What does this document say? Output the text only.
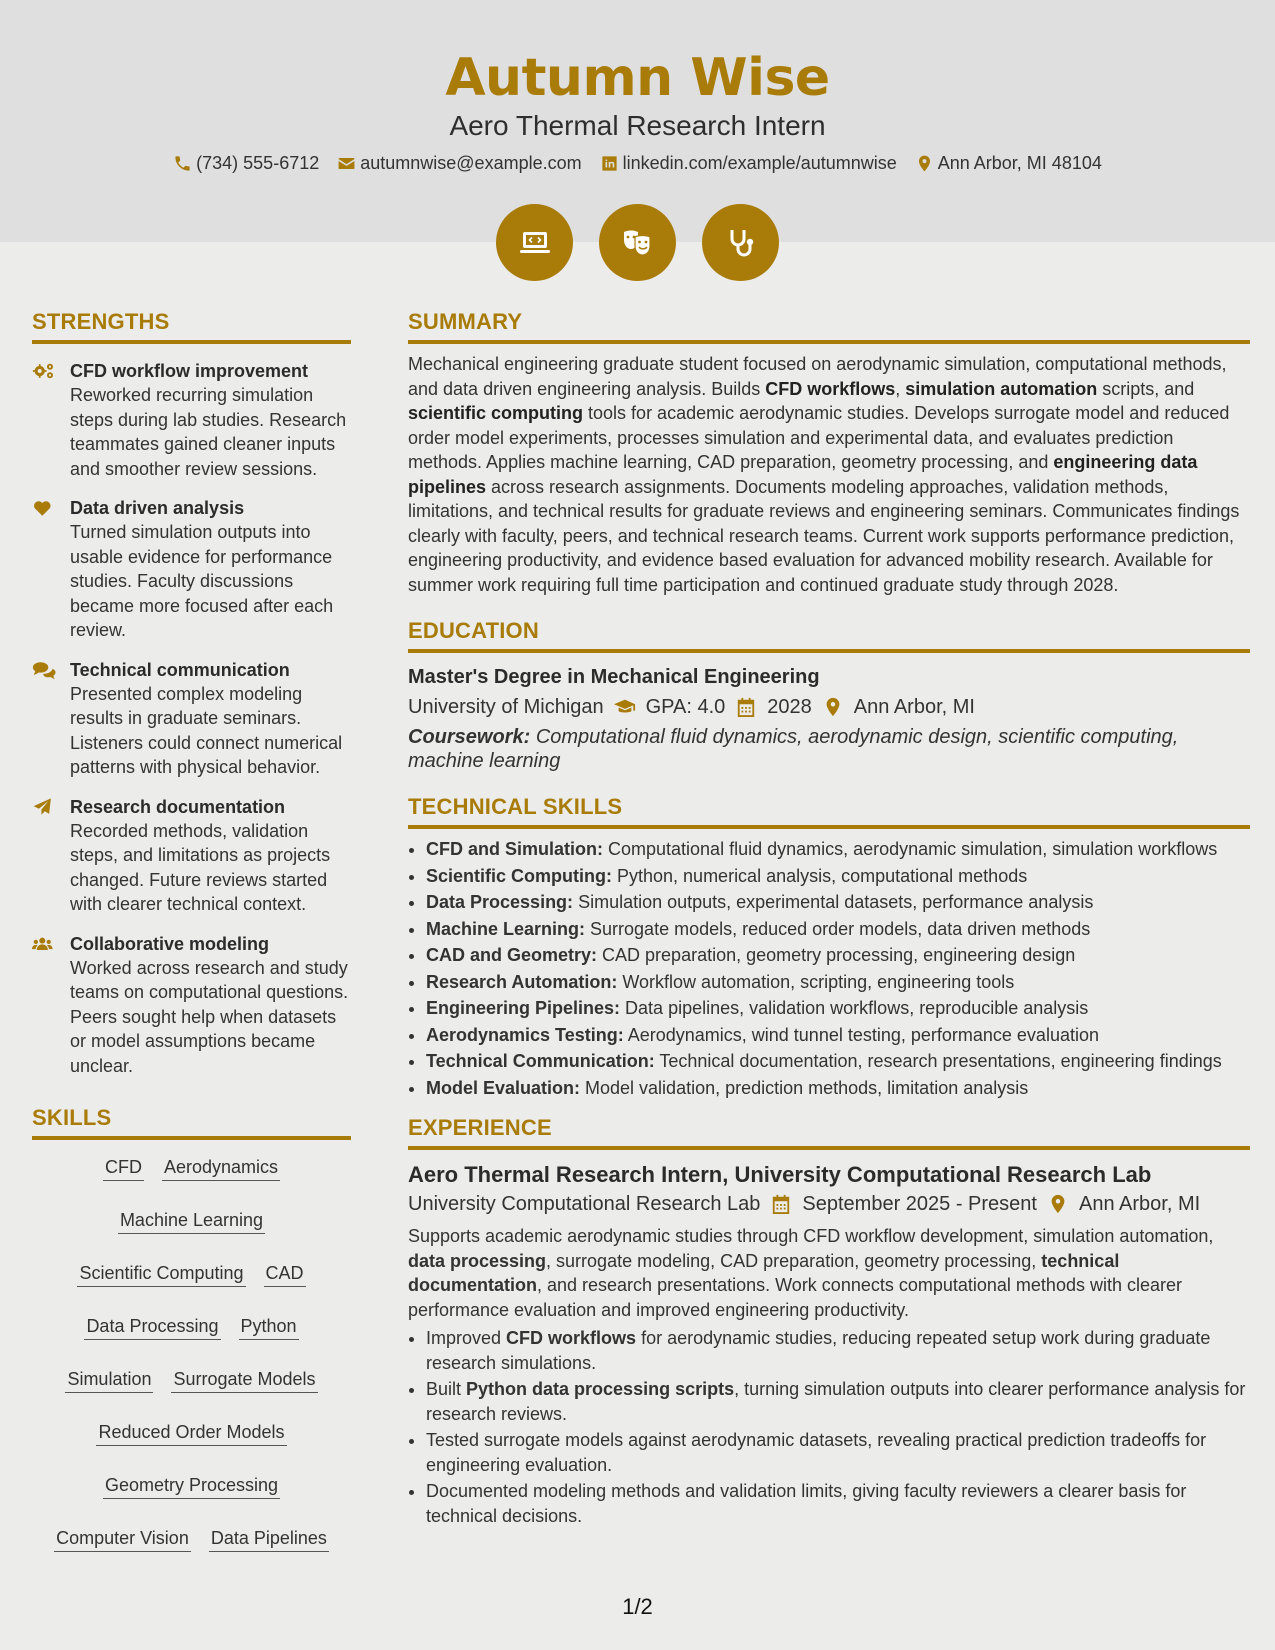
Autumn Wise
Aero Thermal Research Intern
(734) 555-6712 autumnwise@example.com linkedin.com/example/autumnwise Ann Arbor, MI 48104
STRENGTHS
CFD workflow improvement
Reworked recurring simulation steps during lab studies. Research teammates gained cleaner inputs and smoother review sessions.
Data driven analysis
Turned simulation outputs into usable evidence for performance studies. Faculty discussions became more focused after each review.
Technical communication
Presented complex modeling results in graduate seminars. Listeners could connect numerical patterns with physical behavior.
Research documentation
Recorded methods, validation steps, and limitations as projects changed. Future reviews started with clearer technical context.
Collaborative modeling
Worked across research and study teams on computational questions. Peers sought help when datasets or model assumptions became unclear.
SKILLS
CFD Aerodynamics
Machine Learning
Scientific Computing CAD
Data Processing Python
Simulation Surrogate Models
Reduced Order Models
Geometry Processing
Computer Vision Data Pipelines
SUMMARY
Mechanical engineering graduate student focused on aerodynamic simulation, computational methods, and data driven engineering analysis. Builds CFD workflows, simulation automation scripts, and scientific computing tools for academic aerodynamic studies. Develops surrogate model and reduced order model experiments, processes simulation and experimental data, and evaluates prediction methods. Applies machine learning, CAD preparation, geometry processing, and engineering data pipelines across research assignments. Documents modeling approaches, validation methods, limitations, and technical results for graduate reviews and engineering seminars. Communicates findings clearly with faculty, peers, and technical research teams. Current work supports performance prediction, engineering productivity, and evidence based evaluation for advanced mobility research. Available for summer work requiring full time participation and continued graduate study through 2028.
EDUCATION
Master's Degree in Mechanical Engineering
University of Michigan GPA: 4.0 2028 Ann Arbor, MI
Coursework: Computational fluid dynamics, aerodynamic design, scientific computing, machine learning
TECHNICAL SKILLS
• CFD and Simulation: Computational fluid dynamics, aerodynamic simulation, simulation workflows
• Scientific Computing: Python, numerical analysis, computational methods
• Data Processing: Simulation outputs, experimental datasets, performance analysis
• Machine Learning: Surrogate models, reduced order models, data driven methods
• CAD and Geometry: CAD preparation, geometry processing, engineering design
• Research Automation: Workflow automation, scripting, engineering tools
• Engineering Pipelines: Data pipelines, validation workflows, reproducible analysis
• Aerodynamics Testing: Aerodynamics, wind tunnel testing, performance evaluation
• Technical Communication: Technical documentation, research presentations, engineering findings
• Model Evaluation: Model validation, prediction methods, limitation analysis
EXPERIENCE
Aero Thermal Research Intern, University Computational Research Lab
University Computational Research Lab September 2025 - Present Ann Arbor, MI
Supports academic aerodynamic studies through CFD workflow development, simulation automation, data processing, surrogate modeling, CAD preparation, geometry processing, technical documentation, and research presentations. Work connects computational methods with clearer performance evaluation and improved engineering productivity.
• Improved CFD workflows for aerodynamic studies, reducing repeated setup work during graduate research simulations.
• Built Python data processing scripts, turning simulation outputs into clearer performance analysis for research reviews.
• Tested surrogate models against aerodynamic datasets, revealing practical prediction tradeoffs for engineering evaluation.
• Documented modeling methods and validation limits, giving faculty reviewers a clearer basis for technical decisions.
1/2
